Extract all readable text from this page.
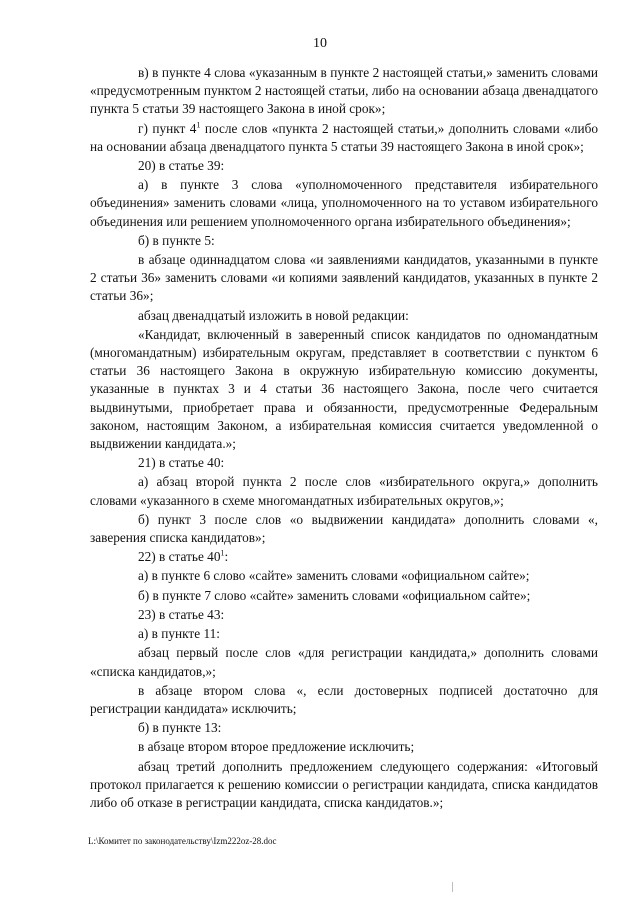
10

в) в пункте 4 слова «указанным в пункте 2 настоящей статьи,» заменить словами «предусмотренным пунктом 2 настоящей статьи, либо на основании абзаца двенадцатого пункта 5 статьи 39 настоящего Закона в иной срок»;

г) пункт $4^1$ после слов «пункта 2 настоящей статьи,» дополнить словами «либо на основании абзаца двенадцатого пункта 5 статьи 39 настоящего Закона в иной срок»;

20) в статье 39:

а) в пункте 3 слова «уполномоченного представителя избирательного объединения» заменить словами «лица, уполномоченного на то уставом избирательного объединения или решением уполномоченного органа избирательного объединения»;

б) в пункте 5:

в абзаце одиннадцатом слова «и заявлениями кандидатов, указанными в пункте 2 статьи 36» заменить словами «и копиями заявлений кандидатов, указанных в пункте 2 статьи 36»;

абзац двенадцатый изложить в новой редакции:

«Кандидат, включенный в заверенный список кандидатов по одномандатным (многомандатным) избирательным округам, представляет в соответствии с пунктом 6 статьи 36 настоящего Закона в окружную избирательную комиссию документы, указанные в пунктах 3 и 4 статьи 36 настоящего Закона, после чего считается выдвинутыми, приобретает права и обязанности, предусмотренные Федеральным законом, настоящим Законом, а избирательная комиссия считается уведомленной о выдвижении кандидата.»;

21) в статье 40:

а) абзац второй пункта 2 после слов «избирательного округа,» дополнить словами «указанного в схеме многомандатных избирательных округов,»;

б) пункт 3 после слов «о выдвижении кандидата» дополнить словами «, заверения списка кандидатов»;

22) в статье $40^1$:

а) в пункте 6 слово «сайте» заменить словами «официальном сайте»;

б) в пункте 7 слово «сайте» заменить словами «официальном сайте»;

23) в статье 43:

а) в пункте 11:

абзац первый после слов «для регистрации кандидата,» дополнить словами «списка кандидатов,»;

в абзаце втором слова «, если достоверных подписей достаточно для регистрации кандидата» исключить;

б) в пункте 13:

в абзаце втором второе предложение исключить;

абзац третий дополнить предложением следующего содержания: «Итоговый протокол прилагается к решению комиссии о регистрации кандидата, списка кандидатов либо об отказе в регистрации кандидата, списка кандидатов.»;

L:\Комитет по законодательству\Izm222oz-28.doc
